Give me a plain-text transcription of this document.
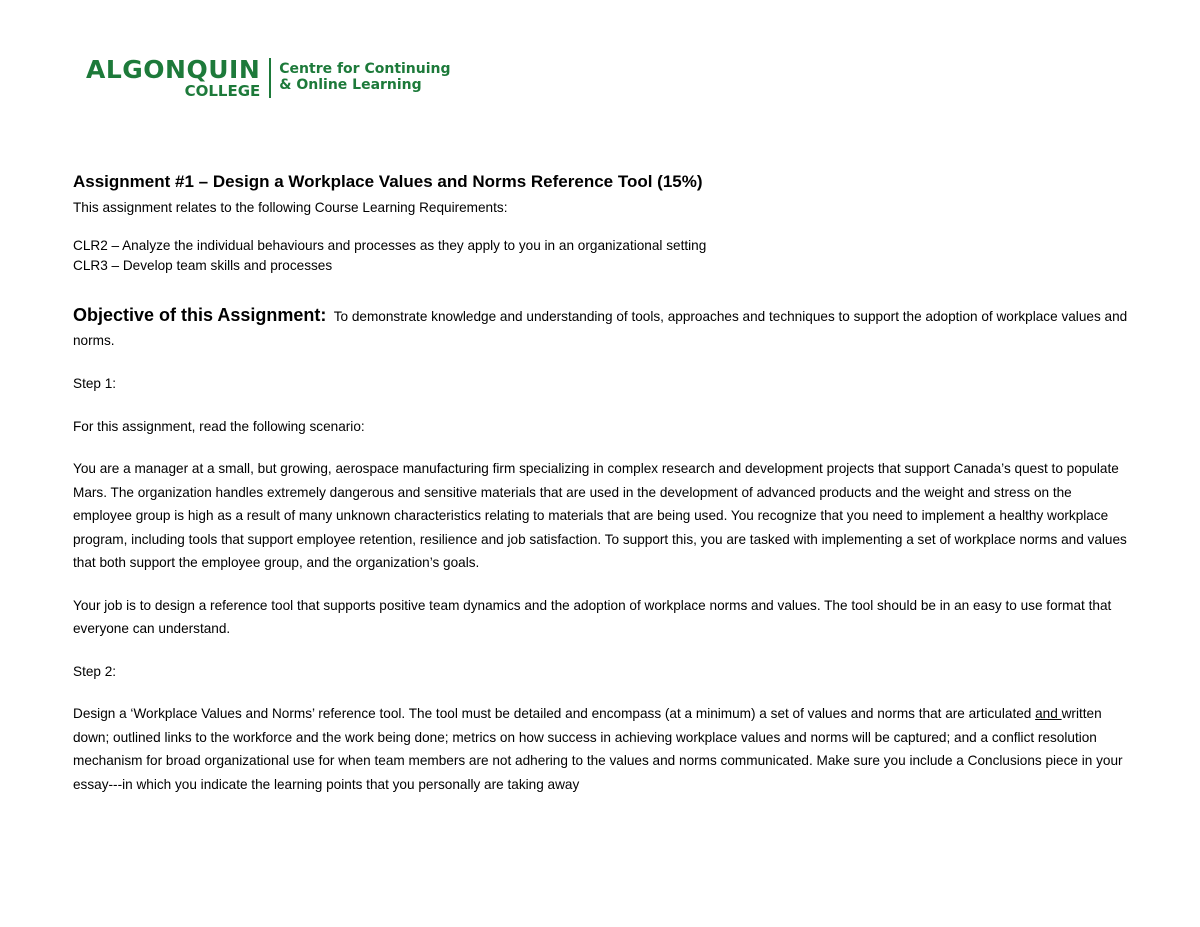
ALGONQUIN
COLLEGE
Centre for Continuing
& Online Learning
Assignment #1 – Design a Workplace Values and Norms Reference Tool (15%)

This assignment relates to the following Course Learning Requirements:

CLR2 – Analyze the individual behaviours and processes as they apply to you in an organizational setting

CLR3 – Develop team skills and processes

Objective of this Assignment: To demonstrate knowledge and understanding of tools, approaches and techniques to support the adoption of workplace values and norms.

Step 1:

For this assignment, read the following scenario:

You are a manager at a small, but growing, aerospace manufacturing firm specializing in complex research and development projects that support Canada’s quest to populate Mars. The organization handles extremely dangerous and sensitive materials that are used in the development of advanced products and the weight and stress on the employee group is high as a result of many unknown characteristics relating to materials that are being used. You recognize that you need to implement a healthy workplace program, including tools that support employee retention, resilience and job satisfaction. To support this, you are tasked with implementing a set of workplace norms and values that both support the employee group, and the organization’s goals.

Your job is to design a reference tool that supports positive team dynamics and the adoption of workplace norms and values. The tool should be in an easy to use format that everyone can understand.

Step 2:

Design a ‘Workplace Values and Norms’ reference tool. The tool must be detailed and encompass (at a minimum) a set of values and norms that are articulated and written down; outlined links to the workforce and the work being done; metrics on how success in achieving workplace values and norms will be captured; and a conflict resolution mechanism for broad organizational use for when team members are not adhering to the values and norms communicated. Make sure you include a Conclusions piece in your essay---in which you indicate the learning points that you personally are taking away
